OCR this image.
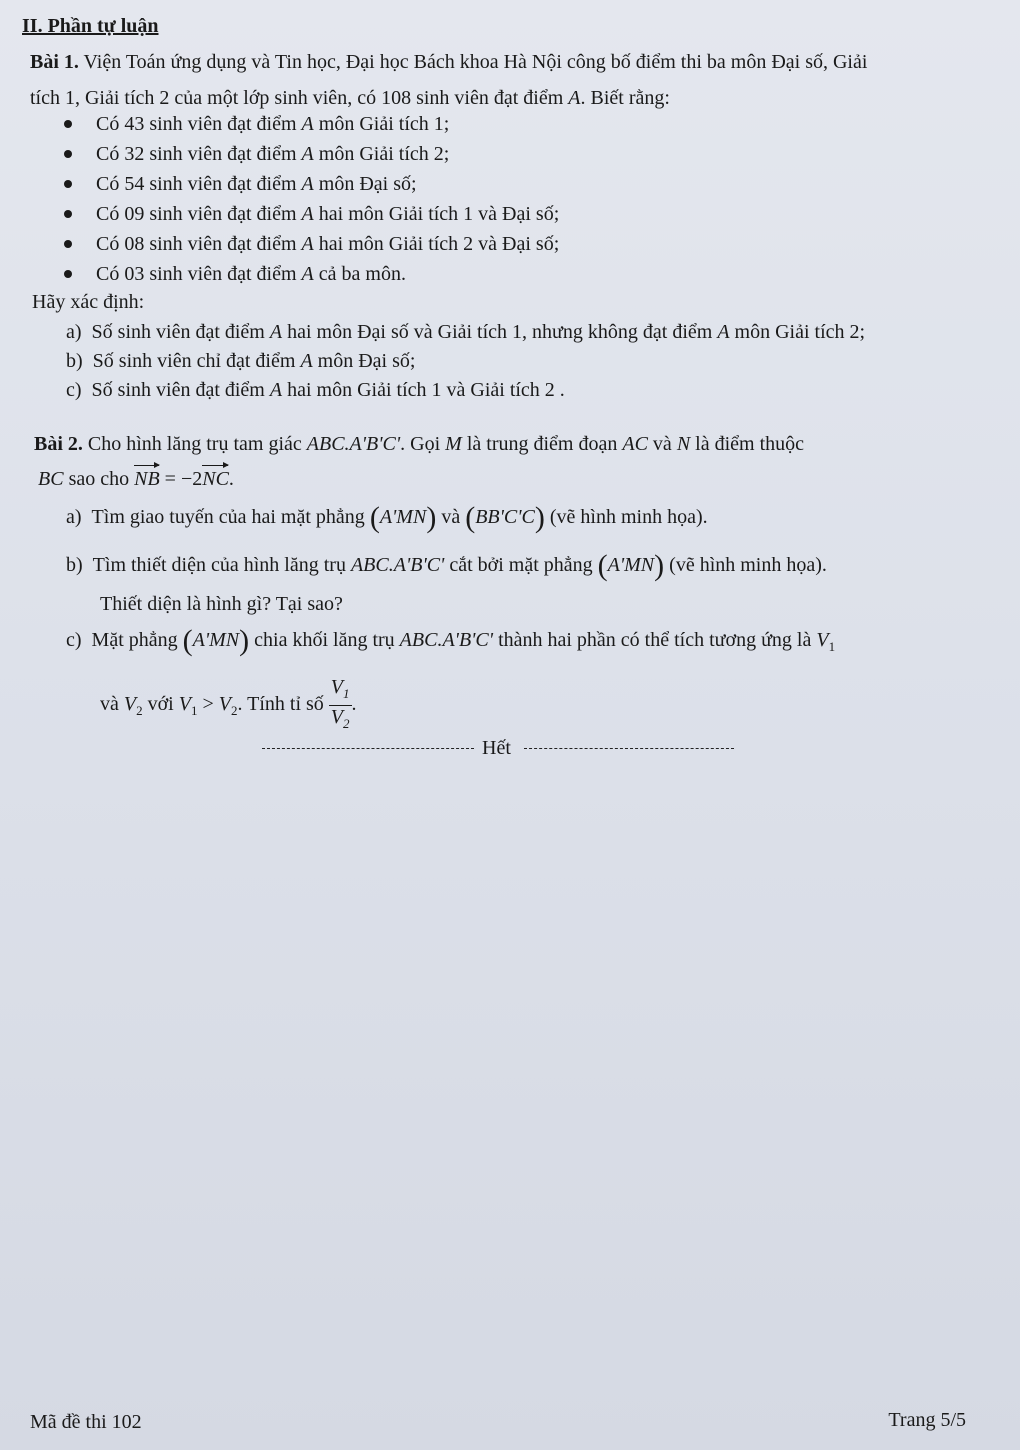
II. Phần tự luận
Bài 1. Viện Toán ứng dụng và Tin học, Đại học Bách khoa Hà Nội công bố điểm thi ba môn Đại số, Giải
tích 1, Giải tích 2 của một lớp sinh viên, có 108 sinh viên đạt điểm A. Biết rằng:
Có 43 sinh viên đạt điểm A môn Giải tích 1;
Có 32 sinh viên đạt điểm A môn Giải tích 2;
Có 54 sinh viên đạt điểm A môn Đại số;
Có 09 sinh viên đạt điểm A hai môn Giải tích 1 và Đại số;
Có 08 sinh viên đạt điểm A hai môn Giải tích 2 và Đại số;
Có 03 sinh viên đạt điểm A cả ba môn.
Hãy xác định:
a)  Số sinh viên đạt điểm A hai môn Đại số và Giải tích 1, nhưng không đạt điểm A môn Giải tích 2;
b)  Số sinh viên chỉ đạt điểm A môn Đại số;
c)  Số sinh viên đạt điểm A hai môn Giải tích 1 và Giải tích 2 .
Bài 2. Cho hình lăng trụ tam giác ABC.A'B'C'. Gọi M là trung điểm đoạn AC và N là điểm thuộc
BC sao cho NB = −2NC.
a)  Tìm giao tuyến của hai mặt phẳng (A'MN) và (BB'C'C) (vẽ hình minh họa).
b)  Tìm thiết diện của hình lăng trụ ABC.A'B'C' cắt bởi mặt phẳng (A'MN) (vẽ hình minh họa).
Thiết diện là hình gì? Tại sao?
c)  Mặt phẳng (A'MN) chia khối lăng trụ ABC.A'B'C' thành hai phần có thể tích tương ứng là $V_1$
và $V_2$ với $V_1 > V_2$. Tính tỉ số $\frac{V_1}{V_2}$ .
Hết
Mã đề thi 102	Trang 5/5
